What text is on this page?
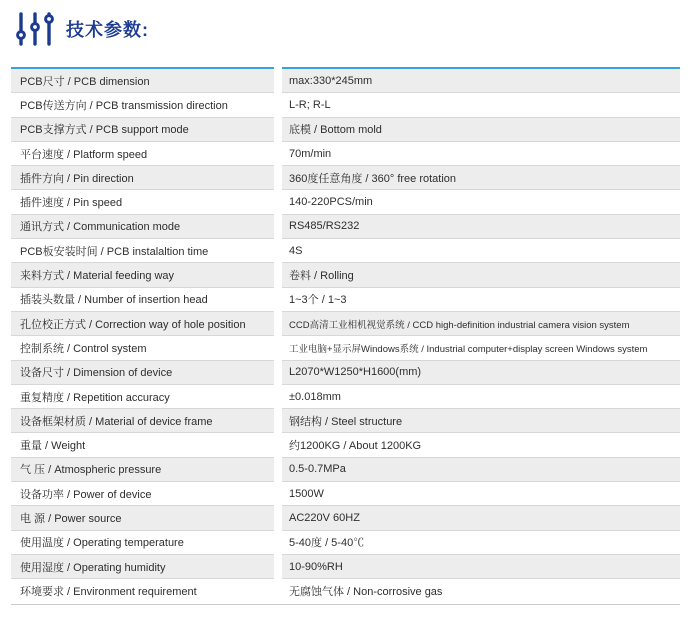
技术参数:
PCB尺寸 / PCB dimension	max:330*245mm
PCB传送方向 / PCB transmission direction	L-R; R-L
PCB支撑方式 / PCB support mode	底模 / Bottom mold
平台速度 / Platform speed	70m/min
插件方向 / Pin direction	360度任意角度 / 360° free rotation
插件速度 / Pin speed	140-220PCS/min
通讯方式 / Communication mode	RS485/RS232
PCB板安装时间 / PCB instalaltion time	4S
来料方式 / Material feeding way	卷料 / Rolling
插装头数量 / Number of insertion head	1~3个 / 1~3
孔位校正方式 / Correction way of hole position	CCD高清工业相机视觉系统 / CCD high-definition industrial camera vision system
控制系统 / Control system	工业电脑+显示屏Windows系统 / Industrial computer+display screen Windows system
设备尺寸 / Dimension of device	L2070*W1250*H1600(mm)
重复精度 / Repetition accuracy	±0.018mm
设备框架材质 / Material of device frame	钢结构 / Steel structure
重量 / Weight	约1200KG / About 1200KG
气 压 / Atmospheric pressure	0.5-0.7MPa
设备功率 / Power of device	1500W
电 源 / Power source	AC220V 60HZ
使用温度 / Operating temperature	5-40度 / 5-40℃
使用湿度 / Operating humidity	10-90%RH
环境要求 / Environment requirement	无腐蚀气体 / Non-corrosive gas
